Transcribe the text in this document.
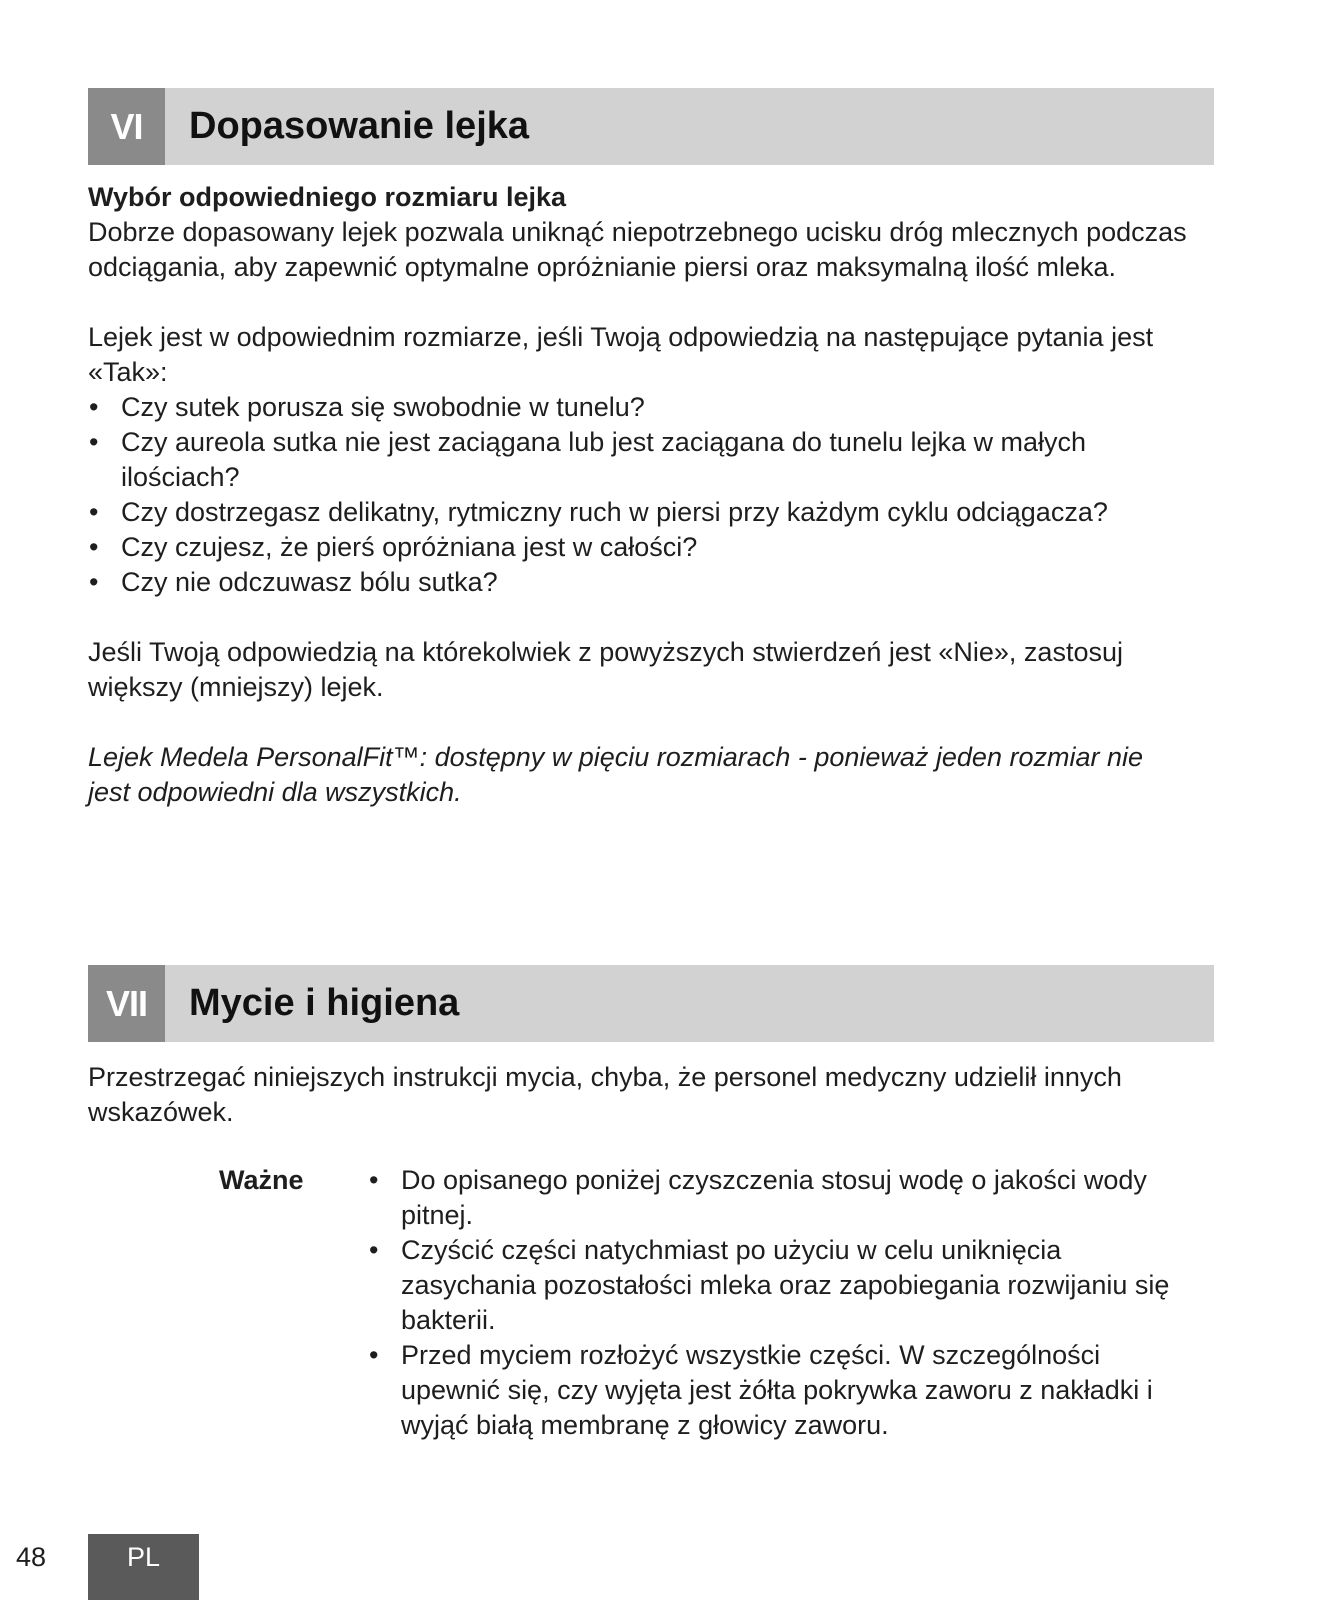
VI	Dopasowanie lejka

Wybór odpowiedniego rozmiaru lejka

Dobrze dopasowany lejek pozwala uniknąć niepotrzebnego ucisku dróg mlecznych podczas odciągania, aby zapewnić optymalne opróżnianie piersi oraz maksymalną ilość mleka.

Lejek jest w odpowiednim rozmiarze, jeśli Twoją odpowiedzią na następujące pytania jest «Tak»:

• Czy sutek porusza się swobodnie w tunelu?
• Czy aureola sutka nie jest zaciągana lub jest zaciągana do tunelu lejka w małych ilościach?
• Czy dostrzegasz delikatny, rytmiczny ruch w piersi przy każdym cyklu odciągacza?
• Czy czujesz, że pierś opróżniana jest w całości?
• Czy nie odczuwasz bólu sutka?

Jeśli Twoją odpowiedzią na którekolwiek z powyższych stwierdzeń jest «Nie», zastosuj większy (mniejszy) lejek.

Lejek Medela PersonalFit™: dostępny w pięciu rozmiarach - ponieważ jeden rozmiar nie jest odpowiedni dla wszystkich.

VII	Mycie i higiena

Przestrzegać niniejszych instrukcji mycia, chyba, że personel medyczny udzielił innych wskazówek.

Ważne
•	Do opisanego poniżej czyszczenia stosuj wodę o jakości wody pitnej.
• Czyścić części natychmiast po użyciu w celu uniknięcia zasychania pozostałości mleka oraz zapobiegania rozwijaniu się bakterii.
• Przed myciem rozłożyć wszystkie części. W szczególności upewnić się, czy wyjęta jest żółta pokrywka zaworu z nakładki i wyjąć białą membranę z głowicy zaworu.
48	PL
